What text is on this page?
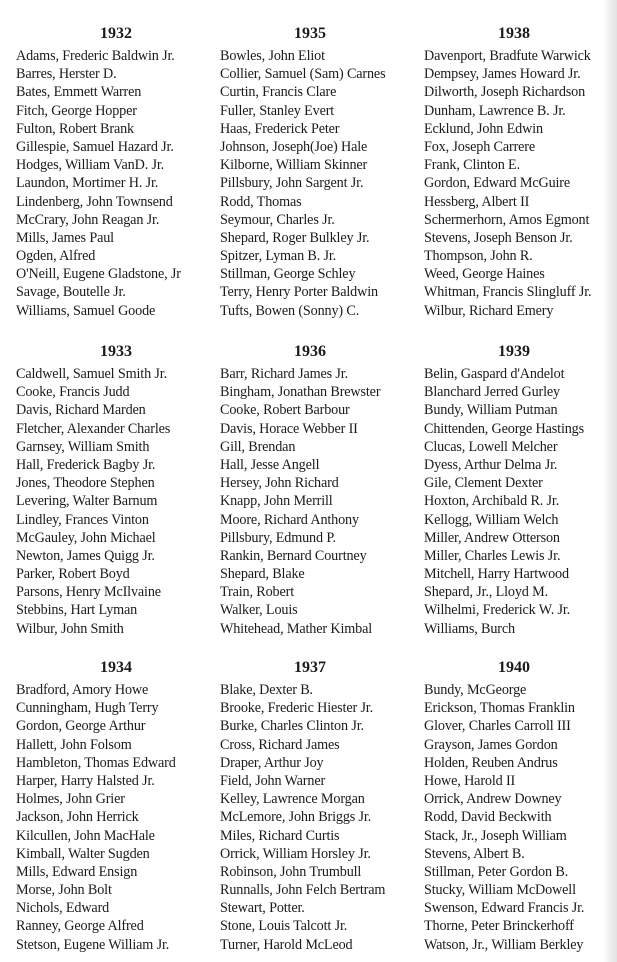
1932
Adams, Frederic Baldwin Jr.
Barres, Herster D.
Bates, Emmett Warren
Fitch, George Hopper
Fulton, Robert Brank
Gillespie, Samuel Hazard Jr.
Hodges, William VanD. Jr.
Laundon, Mortimer H. Jr.
Lindenberg, John Townsend
McCrary, John Reagan Jr.
Mills, James Paul
Ogden, Alfred
O'Neill, Eugene Gladstone, Jr
Savage, Boutelle Jr.
Williams, Samuel Goode
1935
Bowles, John Eliot
Collier, Samuel (Sam) Carnes
Curtin, Francis Clare
Fuller, Stanley Evert
Haas, Frederick Peter
Johnson, Joseph(Joe) Hale
Kilborne, William Skinner
Pillsbury, John Sargent Jr.
Rodd, Thomas
Seymour, Charles Jr.
Shepard, Roger Bulkley Jr.
Spitzer, Lyman B. Jr.
Stillman, George Schley
Terry, Henry Porter Baldwin
Tufts, Bowen (Sonny) C.
1938
Davenport, Bradfute Warwick
Dempsey, James Howard Jr.
Dilworth, Joseph Richardson
Dunham, Lawrence B. Jr.
Ecklund, John Edwin
Fox, Joseph Carrere
Frank, Clinton E.
Gordon, Edward McGuire
Hessberg, Albert II
Schermerhorn, Amos Egmont
Stevens, Joseph Benson Jr.
Thompson, John R.
Weed, George Haines
Whitman, Francis Slingluff Jr.
Wilbur, Richard Emery
1933
Caldwell, Samuel Smith Jr.
Cooke, Francis Judd
Davis, Richard Marden
Fletcher, Alexander Charles
Garnsey, William Smith
Hall, Frederick Bagby Jr.
Jones, Theodore Stephen
Levering, Walter Barnum
Lindley, Frances Vinton
McGauley, John Michael
Newton, James Quigg Jr.
Parker, Robert Boyd
Parsons, Henry McIlvaine
Stebbins, Hart Lyman
Wilbur, John Smith
1936
Barr, Richard James Jr.
Bingham, Jonathan Brewster
Cooke, Robert Barbour
Davis, Horace Webber II
Gill, Brendan
Hall, Jesse Angell
Hersey, John Richard
Knapp, John Merrill
Moore, Richard Anthony
Pillsbury, Edmund P.
Rankin, Bernard Courtney
Shepard, Blake
Train, Robert
Walker, Louis
Whitehead, Mather Kimbal
1939
Belin, Gaspard d'Andelot
Blanchard Jerred Gurley
Bundy, William Putman
Chittenden, George Hastings
Clucas, Lowell Melcher
Dyess, Arthur Delma Jr.
Gile, Clement Dexter
Hoxton, Archibald R. Jr.
Kellogg, William Welch
Miller, Andrew Otterson
Miller, Charles Lewis Jr.
Mitchell, Harry Hartwood
Shepard, Jr., Lloyd M.
Wilhelmi, Frederick W. Jr.
Williams, Burch
1934
Bradford, Amory Howe
Cunningham, Hugh Terry
Gordon, George Arthur
Hallett, John Folsom
Hambleton, Thomas Edward
Harper, Harry Halsted Jr.
Holmes, John Grier
Jackson, John Herrick
Kilcullen, John MacHale
Kimball, Walter Sugden
Mills, Edward Ensign
Morse, John Bolt
Nichols, Edward
Ranney, George Alfred
Stetson, Eugene William Jr.
1937
Blake, Dexter B.
Brooke, Frederic Hiester Jr.
Burke, Charles Clinton Jr.
Cross, Richard James
Draper, Arthur Joy
Field, John Warner
Kelley, Lawrence Morgan
McLemore, John Briggs Jr.
Miles, Richard Curtis
Orrick, William Horsley Jr.
Robinson, John Trumbull
Runnalls, John Felch Bertram
Stewart, Potter.
Stone, Louis Talcott Jr.
Turner, Harold McLeod
1940
Bundy, McGeorge
Erickson, Thomas Franklin
Glover, Charles Carroll III
Grayson, James Gordon
Holden, Reuben Andrus
Howe, Harold II
Orrick, Andrew Downey
Rodd, David Beckwith
Stack, Jr., Joseph William
Stevens, Albert B.
Stillman, Peter Gordon B.
Stucky, William McDowell
Swenson, Edward Francis Jr.
Thorne, Peter Brinckerhoff
Watson, Jr., William Berkley
